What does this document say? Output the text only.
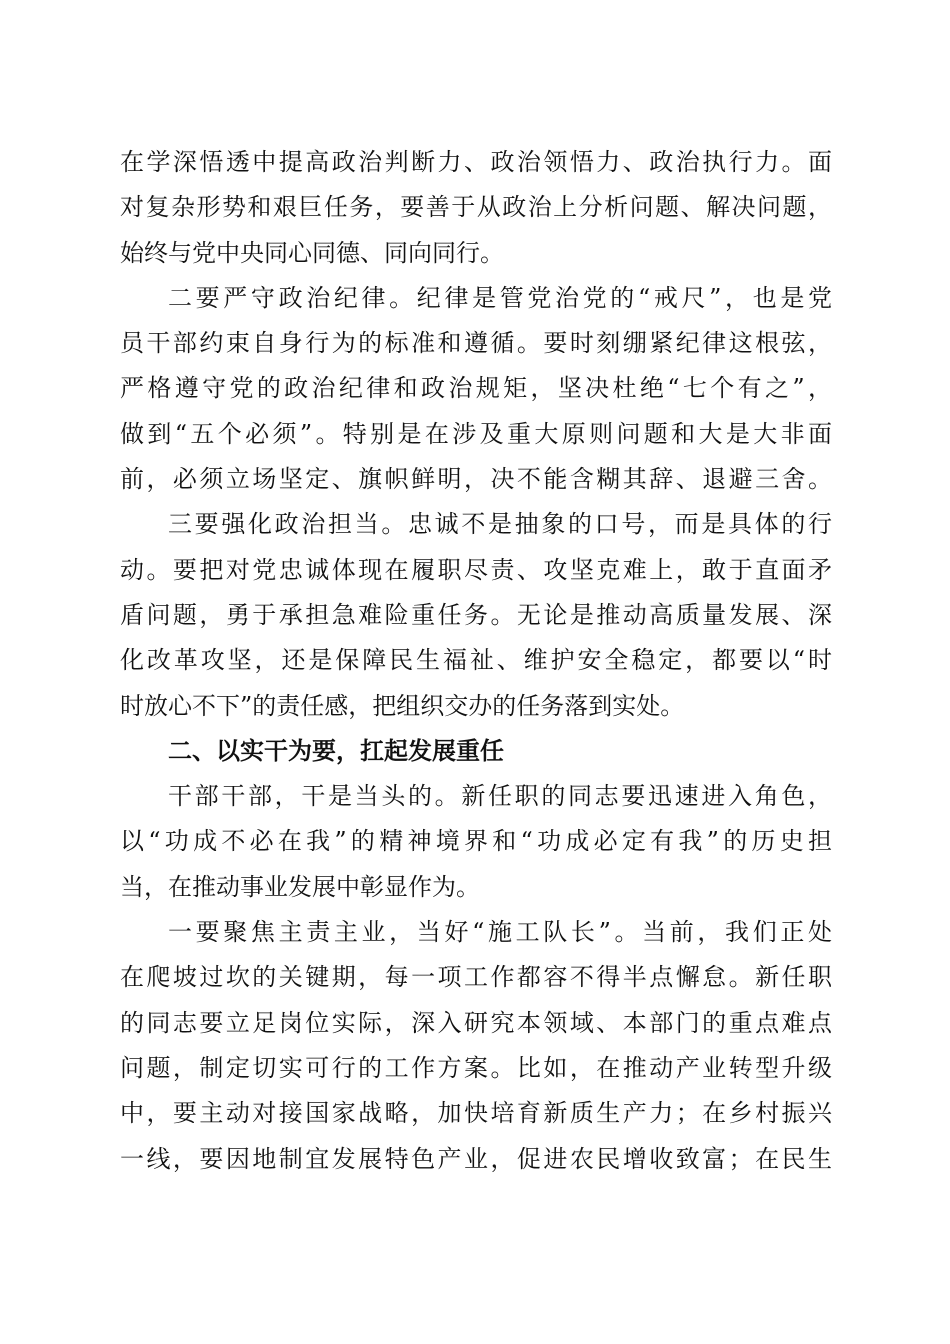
在学深悟透中提高政治判断力、政治领悟力、政治执行力。面
对复杂形势和艰巨任务，要善于从政治上分析问题、解决问题，
始终与党中央同心同德、同向同行。
二要严守政治纪律。纪律是管党治党的“戒尺”，也是党
员干部约束自身行为的标准和遵循。要时刻绷紧纪律这根弦，
严格遵守党的政治纪律和政治规矩，坚决杜绝“七个有之”，
做到“五个必须”。特别是在涉及重大原则问题和大是大非面
前，必须立场坚定、旗帜鲜明，决不能含糊其辞、退避三舍。
三要强化政治担当。忠诚不是抽象的口号，而是具体的行
动。要把对党忠诚体现在履职尽责、攻坚克难上，敢于直面矛
盾问题，勇于承担急难险重任务。无论是推动高质量发展、深
化改革攻坚，还是保障民生福祉、维护安全稳定，都要以“时
时放心不下”的责任感，把组织交办的任务落到实处。
二、以实干为要，扛起发展重任
干部干部，干是当头的。新任职的同志要迅速进入角色，
以“功成不必在我”的精神境界和“功成必定有我”的历史担
当，在推动事业发展中彰显作为。
一要聚焦主责主业，当好“施工队长”。当前，我们正处
在爬坡过坎的关键期，每一项工作都容不得半点懈怠。新任职
的同志要立足岗位实际，深入研究本领域、本部门的重点难点
问题，制定切实可行的工作方案。比如，在推动产业转型升级
中，要主动对接国家战略，加快培育新质生产力；在乡村振兴
一线，要因地制宜发展特色产业，促进农民增收致富；在民生
